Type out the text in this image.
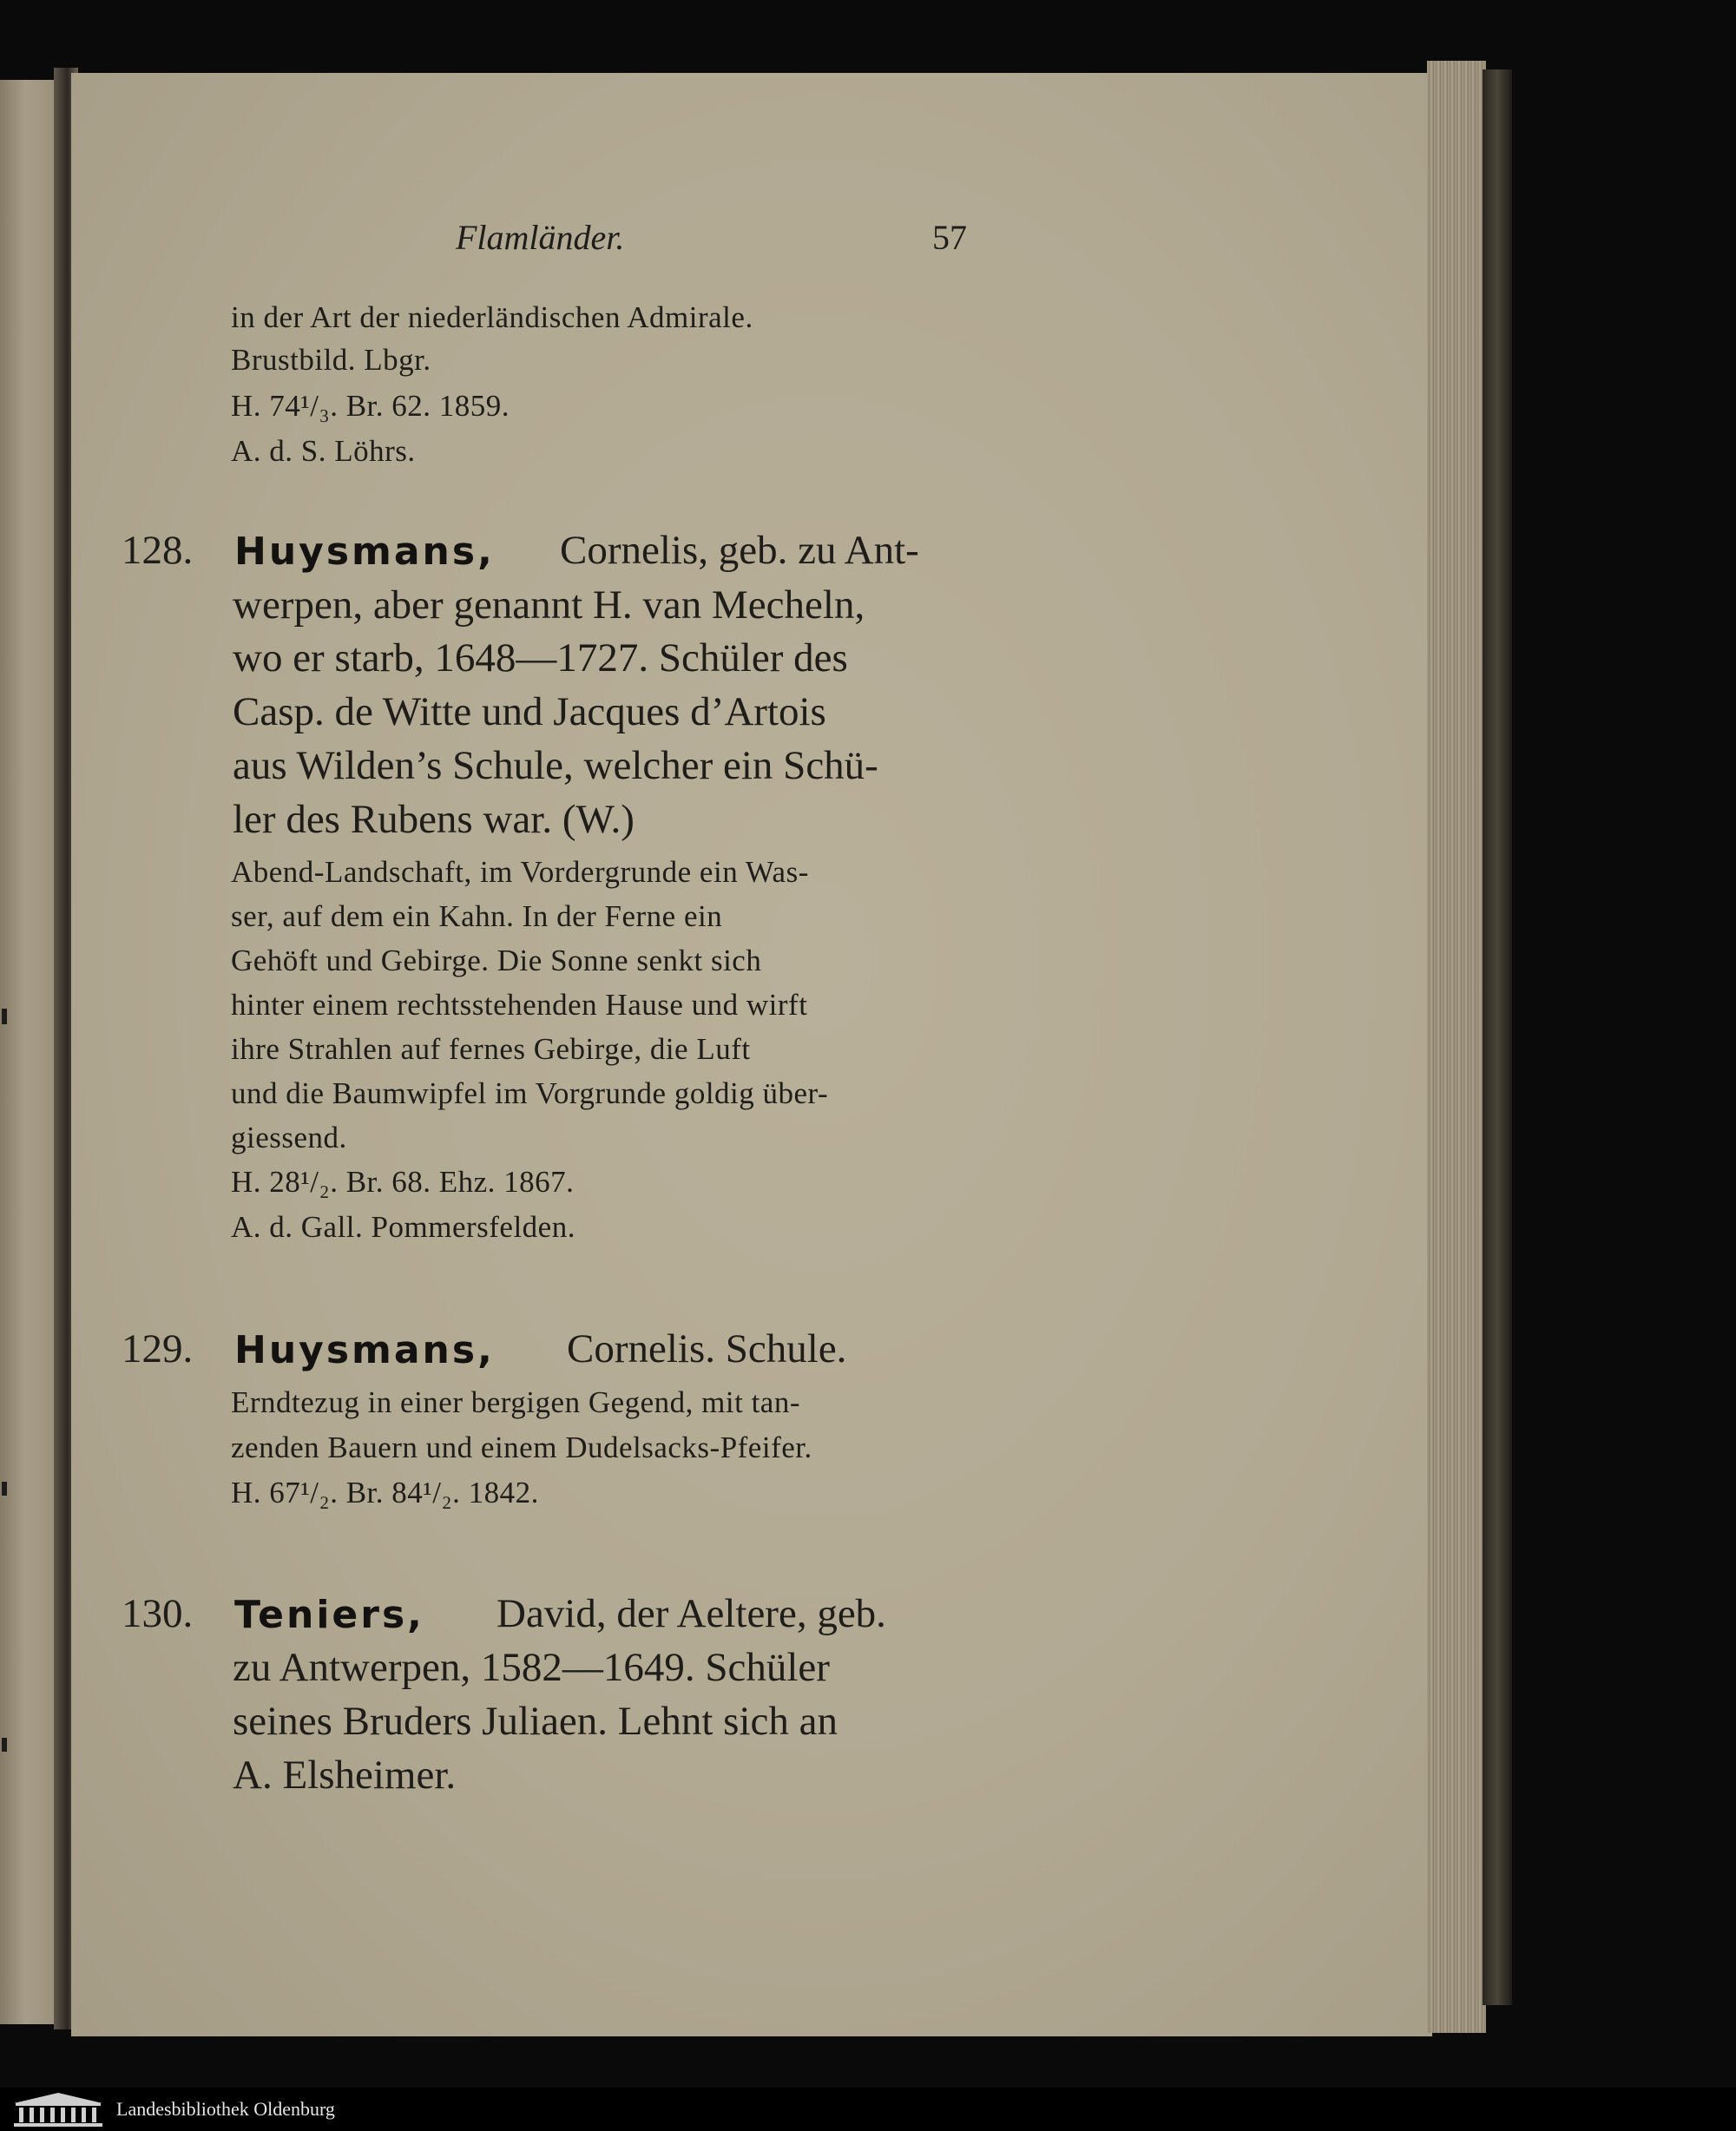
Flamländer.	57
in der Art der niederländischen Admirale.
Brustbild. Lbgr.
H. 74¹/₃. Br. 62. 1859.
A. d. S. Löhrs.
128. Huysmans, Cornelis, geb. zu Ant-
werpen, aber genannt H. van Mecheln,
wo er starb, 1648—1727. Schüler des
Casp. de Witte und Jacques d’Artois
aus Wilden’s Schule, welcher ein Schü-
ler des Rubens war. (W.)
Abend-Landschaft, im Vordergrunde ein Was-
ser, auf dem ein Kahn. In der Ferne ein
Gehöft und Gebirge. Die Sonne senkt sich
hinter einem rechtsstehenden Hause und wirft
ihre Strahlen auf fernes Gebirge, die Luft
und die Baumwipfel im Vorgrunde goldig über-
giessend.
H. 28¹/₂. Br. 68. Ehz. 1867.
A. d. Gall. Pommersfelden.
129. Huysmans, Cornelis. Schule.
Erndtezug in einer bergigen Gegend, mit tan-
zenden Bauern und einem Dudelsacks-Pfeifer.
H. 67¹/₂. Br. 84¹/₂. 1842.
130. Teniers, David, der Aeltere, geb.
zu Antwerpen, 1582—1649. Schüler
seines Bruders Juliaen. Lehnt sich an
A. Elsheimer.
Landesbibliothek Oldenburg
